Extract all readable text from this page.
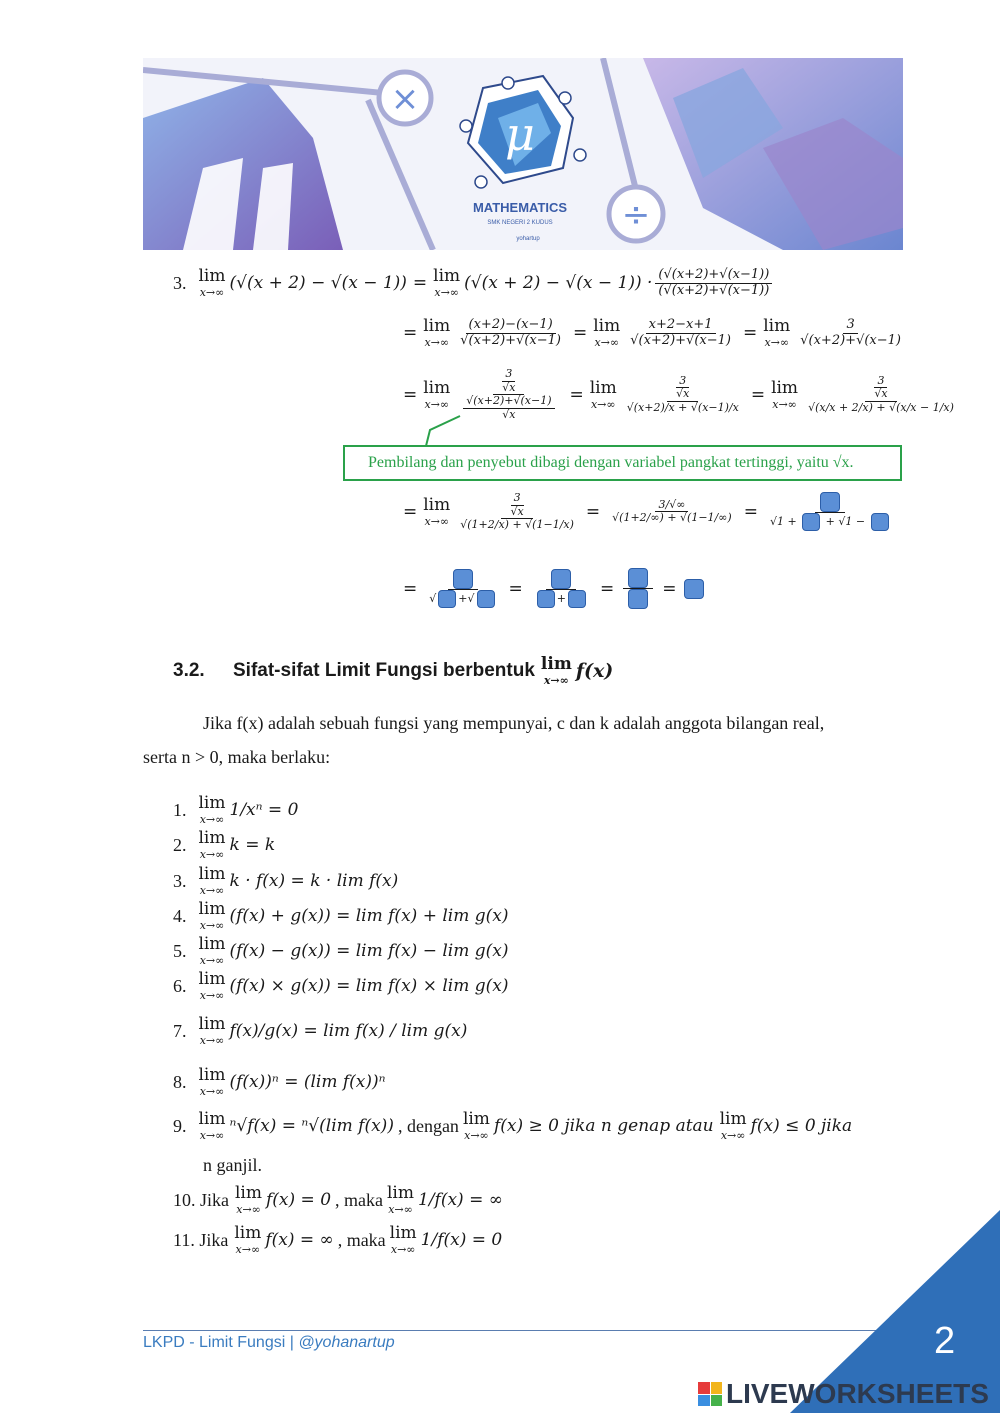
×
÷
μ
MATHEMATICS
SMK NEGERI 2 KUDUS
yohartup
3. lim
x→∞ (√(x + 2) − √(x − 1)) = lim
x→∞ $(√(x + 2) - √(x - 1)) \cdot \frac{(√(x+2)+√(x-1))}{(√(x+2)+√(x-1))}$
= lim
$x\to\infty \frac{(x+2)-(x-1)}{√(x+2)+√(x-1)} = \lim$
$x\to\infty \frac{x+2-x+1}{√(x+2)+√(x-1)} = \lim$
$x\to\infty \frac{3}{√(x+2)+√(x-1)}$
= lim
$x\to\infty \frac{\frac{3}{√x}}{\frac{√(x+2)+√(x-1)}{√x}} = \lim$
$x\to\infty \frac{\frac{3}{√x}}{√(x+2)/x + √(x-1)/x} = \lim$
$x\to\infty \frac{\frac{3}{√x}}{√(x/x + 2/x) + √(x/x - 1/x)}$
Pembilang dan penyebut dibagi dengan variabel pangkat tertinggi, yaitu √x.
= lim
$x\to\infty \frac{\frac{3}{√x}}{√(1+2/x) + √(1-1/x)} = \frac{3/√\infty}{√(1+2/\infty) + √(1-1/\infty)} = √1$ +  + √1 −
= √ +√	=	+	=	=
3.2.	Sifat-sifat Limit Fungsi berbentuk lim
x→∞ f(x)
Jika f(x) adalah sebuah fungsi yang mempunyai, c dan k adalah anggota bilangan real,
serta n > 0, maka berlaku:
1. lim
x→∞ 1/xⁿ = 0
2. lim
x→∞ k = k
3. lim
x→∞ k · f(x) = k · lim f(x)
4. lim
x→∞ (f(x) + g(x)) = lim f(x) + lim g(x)
5. lim
x→∞ (f(x) − g(x)) = lim f(x) − lim g(x)
6. lim
x→∞ (f(x) × g(x)) = lim f(x) × lim g(x)
7. lim
x→∞ f(x)/g(x) = lim f(x) / lim g(x)
8. lim
x→∞ (f(x))ⁿ = (lim f(x))ⁿ
9. lim
x→∞ ⁿ√f(x) = ⁿ√(lim f(x)) , dengan lim
x→∞ f(x) ≥ 0 jika n genap atau lim
x→∞ f(x) ≤ 0 jika
n ganjil.
10. Jika lim
x→∞ f(x) = 0 , maka lim
x→∞ 1/f(x) = ∞
11. Jika lim
x→∞ f(x) = ∞ , maka lim
x→∞ 1/f(x) = 0
LKPD - Limit Fungsi | @yohanartup	2
LIVEWORKSHEETS
